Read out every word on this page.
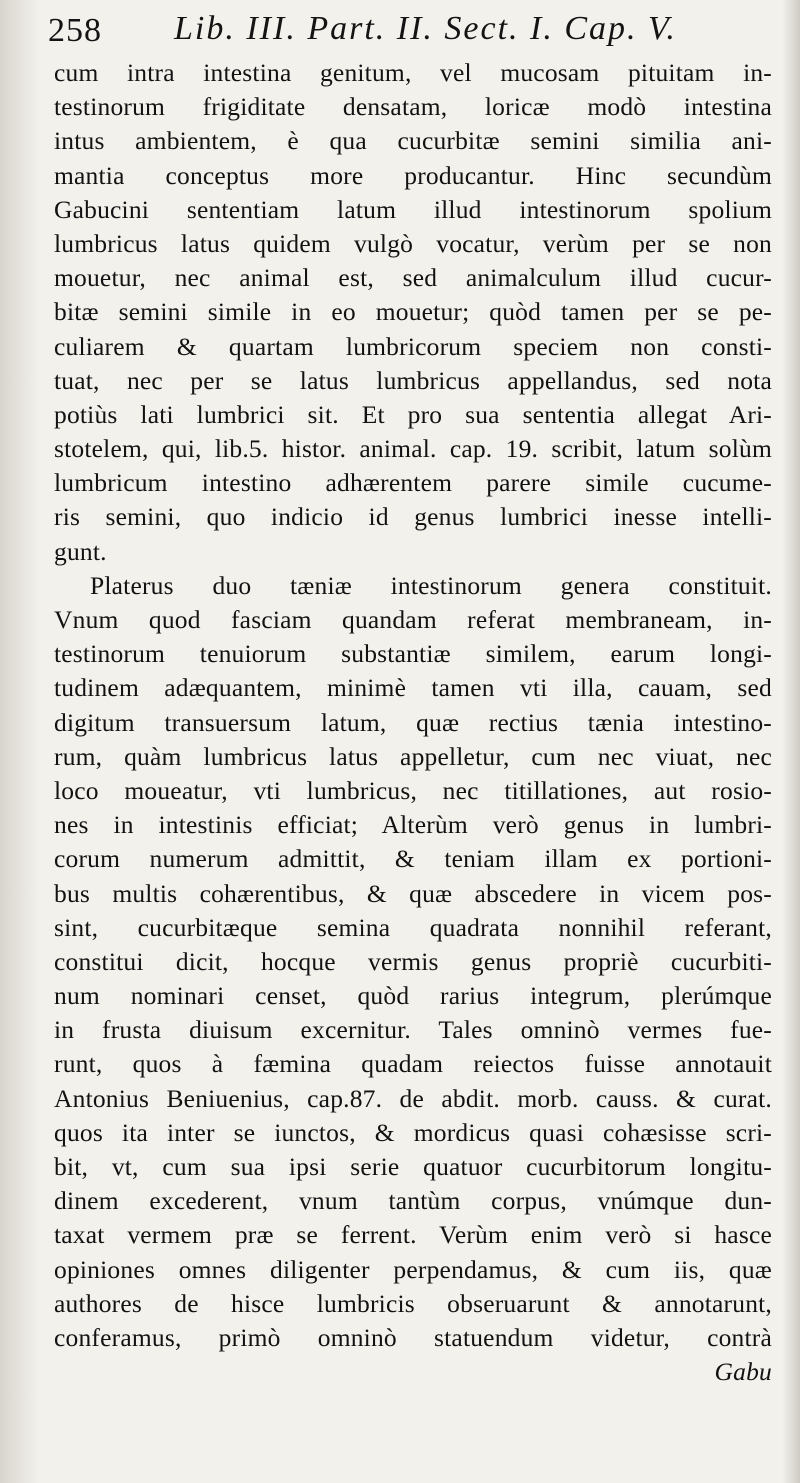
258 Lib. III. Part. II. Sect. I. Cap. V.
cum intra intestina genitum, vel mucosam pituitam in-
testinorum frigiditate densatam, loricæ modò intestina
intus ambientem, è qua cucurbitæ semini similia ani-
mantia conceptus more producantur. Hinc secundùm
Gabucini sententiam latum illud intestinorum spolium
lumbricus latus quidem vulgò vocatur, verùm per se non
mouetur, nec animal est, sed animalculum illud cucur-
bitæ semini simile in eo mouetur; quòd tamen per se pe-
culiarem & quartam lumbricorum speciem non consti-
tuat, nec per se latus lumbricus appellandus, sed nota
potiùs lati lumbrici sit. Et pro sua sententia allegat Ari-
stotelem, qui, lib.5. histor. animal. cap. 19. scribit, latum solùm
lumbricum intestino adhærentem parere simile cucume-
ris semini, quo indicio id genus lumbrici inesse intelli-
gunt.
Platerus duo tæniæ intestinorum genera constituit.
Vnum quod fasciam quandam referat membraneam, in-
testinorum tenuiorum substantiæ similem, earum longi-
tudinem adæquantem, minimè tamen vti illa, cauam, sed
digitum transuersum latum, quæ rectius tænia intestino-
rum, quàm lumbricus latus appelletur, cum nec viuat, nec
loco moueatur, vti lumbricus, nec titillationes, aut rosio-
nes in intestinis efficiat; Alterùm verò genus in lumbri-
corum numerum admittit, & teniam illam ex portioni-
bus multis cohærentibus, & quæ abscedere in vicem pos-
sint, cucurbitæque semina quadrata nonnihil referant,
constitui dicit, hocque vermis genus propriè cucurbiti-
num nominari censet, quòd rarius integrum, plerúmque
in frusta diuisum excernitur. Tales omninò vermes fue-
runt, quos à fæmina quadam reiectos fuisse annotauit
Antonius Beniuenius, cap.87. de abdit. morb. causs. & curat.
quos ita inter se iunctos, & mordicus quasi cohæsisse scri-
bit, vt, cum sua ipsi serie quatuor cucurbitorum longitu-
dinem excederent, vnum tantùm corpus, vnúmque dun-
taxat vermem præ se ferrent. Verùm enim verò si hasce
opiniones omnes diligenter perpendamus, & cum iis, quæ
authores de hisce lumbricis obseruarunt & annotarunt,
conferamus, primò omninò statuendum videtur, contrà
Gabu
